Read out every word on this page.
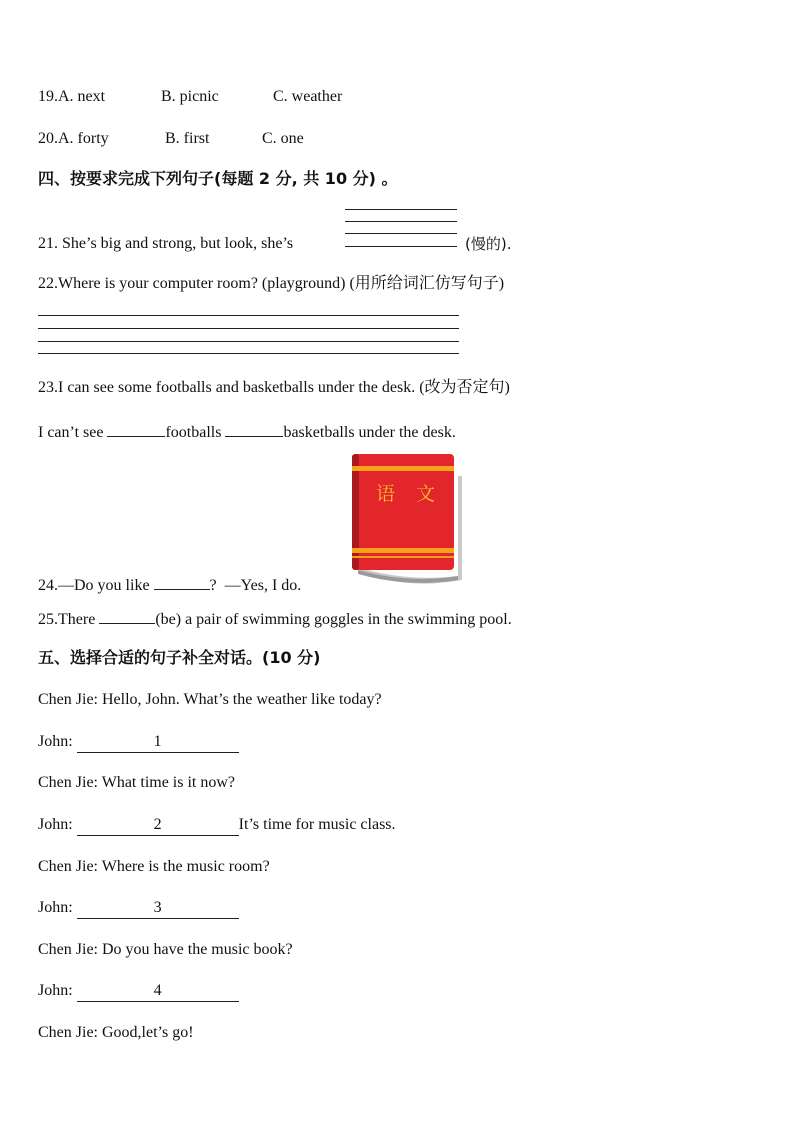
19.A. next	B. picnic	C. weather
20.A. forty	B. first	C. one
四、按要求完成下列句子(每题 2 分, 共 10 分) 。
21. She’s big and strong, but look, she’s	(慢的).
22.Where is your computer room? (playground) (用所给词汇仿写句子)
23.I can see some footballs and basketballs under the desk. (改为否定句)
I can’t see	footballs	basketballs under the desk.
语 文
24.—Do you like	? —Yes, I do.
25.There	(be) a pair of swimming goggles in the swimming pool.
五、选择合适的句子补全对话。(10 分)
Chen Jie: Hello, John. What’s the weather like today?
John:	1
Chen Jie: What time is it now?
John:	2	It’s time for music class.
Chen Jie: Where is the music room?
John:	3
Chen Jie: Do you have the music book?
John:	4
Chen Jie: Good,let’s go!
